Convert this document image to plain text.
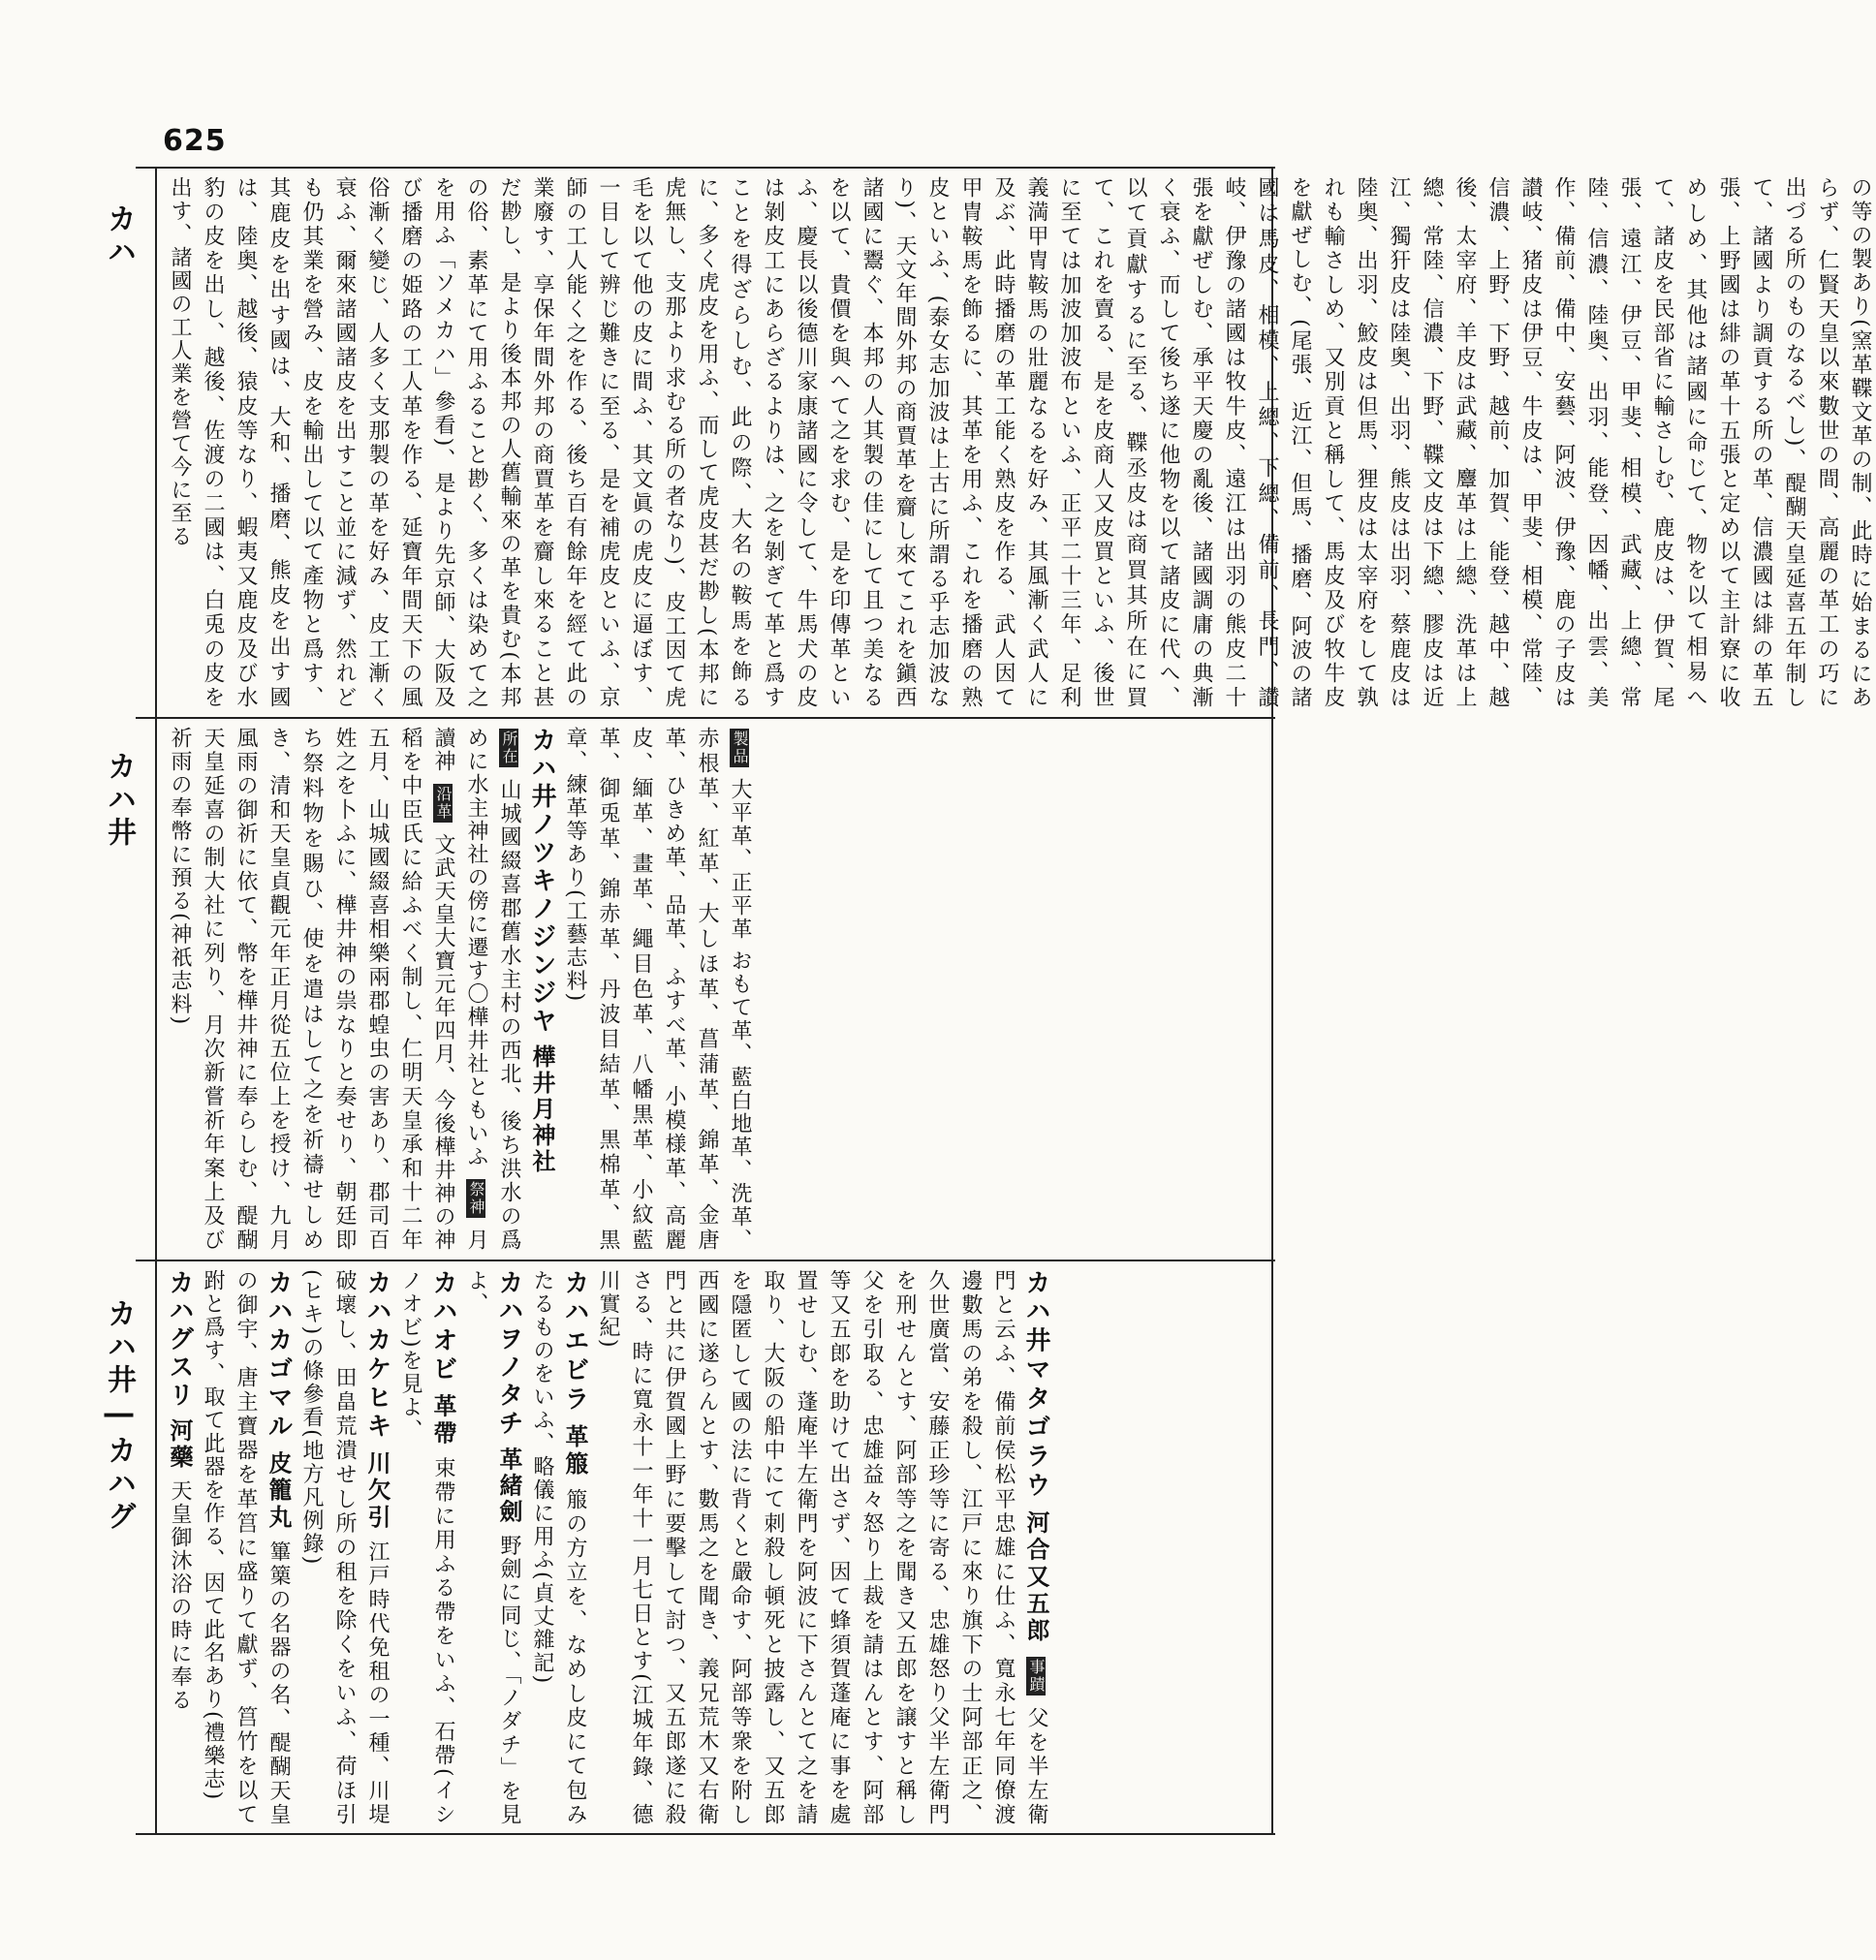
625
カハ
カハ井
カハ井―カハグ
の等の製あり(窯革鞢文革の制、此時に始まるにあらず、仁賢天皇以來數世の間、高麗の革工の巧に出づる所のものなるべし)、醍醐天皇延喜五年制して、諸國より調貢する所の革、信濃國は緋の革五張、上野國は緋の革十五張と定め以て主計寮に收めしめ、其他は諸國に命じて、物を以て相易へて、諸皮を民部省に輸さしむ、鹿皮は、伊賀、尾張、遠江、伊豆、甲斐、相模、武藏、上總、常陸、信濃、陸奥、出羽、能登、因幡、出雲、美作、備前、備中、安藝、阿波、伊豫、鹿の子皮は讃岐、猪皮は伊豆、牛皮は、甲斐、相模、常陸、信濃、上野、下野、越前、加賀、能登、越中、越後、太宰府、羊皮は武藏、麞革は上總、洗革は上總、常陸、信濃、下野、鞢文皮は下總、膠皮は近江、獨犴皮は陸奥、出羽、熊皮は出羽、蔡鹿皮は陸奥、出羽、鮫皮は但馬、狸皮は太宰府をして孰れも輸さしめ、又別貢と稱して、馬皮及び牧牛皮を獻ぜしむ、(尾張、近江、但馬、播磨、阿波の諸國は馬皮、相模、上總、下總、備前、長門、讃岐、伊豫の諸國は牧牛皮、遠江は出羽の熊皮二十張を獻ぜしむ、承平天慶の亂後、諸國調庸の典漸く衰ふ、而して後ち遂に他物を以て諸皮に代へ、以て貢獻するに至る、鞢丞皮は商買其所在に買て、これを賣る、是を皮商人又皮買といふ、後世に至ては加波加波布といふ、正平二十三年、足利義満甲冑鞍馬の壯麗なるを好み、其風漸く武人に及ぶ、此時播磨の革工能く熟皮を作る、武人因て甲冑鞍馬を飾るに、其革を用ふ、これを播磨の熟皮といふ、(泰女志加波は上古に所謂る乎志加波なり)、天文年間外邦の商賈革を齎し來てこれを鎭西諸國に鬻ぐ、本邦の人其製の佳にして且つ美なるを以て、貴價を與へて之を求む、是を印傳革といふ、慶長以後德川家康諸國に令して、牛馬犬の皮は剝皮工にあらざるよりは、之を剝ぎて革と爲すことを得ざらしむ、此の際、大名の鞍馬を飾るに、多く虎皮を用ふ、而して虎皮甚だ尠し(本邦に虎無し、支那より求むる所の者なり)、皮工因て虎毛を以て他の皮に間ふ、其文眞の虎皮に逼ぼす、一目して辨じ難きに至る、是を補虎皮といふ、京師の工人能く之を作る、後ち百有餘年を經て此の業廢す、享保年間外邦の商賈革を齎し來ること甚だ尠し、是より後本邦の人舊輸來の革を貴む(本邦の俗、素革にて用ふること尠く、多くは染めて之を用ふ「ソメカハ」參看)、是より先京師、大阪及び播磨の姫路の工人革を作る、延寶年間天下の風俗漸く變じ、人多く支那製の革を好み、皮工漸く衰ふ、爾來諸國諸皮を出すこと並に減ず、然れども仍其業を營み、皮を輸出して以て產物と爲す、其鹿皮を出す國は、大和、播磨、熊皮を出す國は、陸奥、越後、猿皮等なり、蝦夷又鹿皮及び水豹の皮を出し、越後、佐渡の二國は、白兎の皮を出す、諸國の工人業を營て今に至る
製品 大平革、正平革 おもて革、藍白地革、洗革、赤根革、紅革、大しほ革、菖蒲革、錦革、金唐革、ひきめ革、品革、ふすべ革、小模様革、高麗皮、緬革、畫革、繩目色革、八幡黒革、小紋藍革、御兎革、錦赤革、丹波目結革、黒棉革、黒章、練革等あり(工藝志料)
カハ井ノツキノジンジヤ 樺井月神社
所在 山城國綴喜郡舊水主村の西北、後ち洪水の爲めに水主神社の傍に遷す〇樺井社ともいふ 祭神 月讀神 沿革 文武天皇大寶元年四月、今後樺井神の神稻を中臣氏に給ふべく制し、仁明天皇承和十二年五月、山城國綴喜相樂兩郡蝗虫の害あり、郡司百姓之を卜ふに、樺井神の祟なりと奏せり、朝廷即ち祭料物を賜ひ、使を遣はして之を祈禱せしめき、清和天皇貞觀元年正月從五位上を授け、九月風雨の御祈に依て、幣を樺井神に奉らしむ、醍醐天皇延喜の制大社に列り、月次新嘗祈年案上及び祈雨の奉幣に預る(神祇志料)
カハ井マタゴラウ 河合又五郎 事蹟 父を半左衛門と云ふ、備前侯松平忠雄に仕ふ、寬永七年同僚渡邊數馬の弟を殺し、江戸に來り旗下の士阿部正之、久世廣當、安藤正珍等に寄る、忠雄怒り父半左衛門を刑せんとす、阿部等之を聞き又五郎を譲すと稱し父を引取る、忠雄益々怒り上裁を請はんとす、阿部等又五郎を助けて出さず、因て蜂須賀蓬庵に事を處置せしむ、蓬庵半左衛門を阿波に下さんとて之を請取り、大阪の船中にて刺殺し頓死と披露し、又五郎を隱匿して國の法に背くと嚴命す、阿部等衆を附し西國に遂らんとす、數馬之を聞き、義兄荒木又右衛門と共に伊賀國上野に要擊して討つ、又五郎遂に殺さる、時に寬永十一年十一月七日とす(江城年錄、德川實紀)
カハエビラ 革箙 箙の方立を、なめし皮にて包みたるものをいふ、略儀に用ふ(貞丈雜記)
カハヲノタチ 革緒劍 野劍に同じ、「ノダチ」を見よ、
カハオビ 革帶 束帶に用ふる帶をいふ、石帶(イシノオビ)を見よ、
カハカケヒキ 川欠引 江戸時代免租の一種、川堤破壞し、田畠荒潰せし所の租を除くをいふ、荷ほ引(ヒキ)の條參看(地方凡例錄)
カハカゴマル 皮籠丸 篳篥の名器の名、醍醐天皇の御宇、唐主寶器を革筥に盛りて獻ず、筥竹を以て跗と爲す、取て此器を作る、因て此名あり(禮樂志)
カハグスリ 河藥 天皇御沐浴の時に奉る
